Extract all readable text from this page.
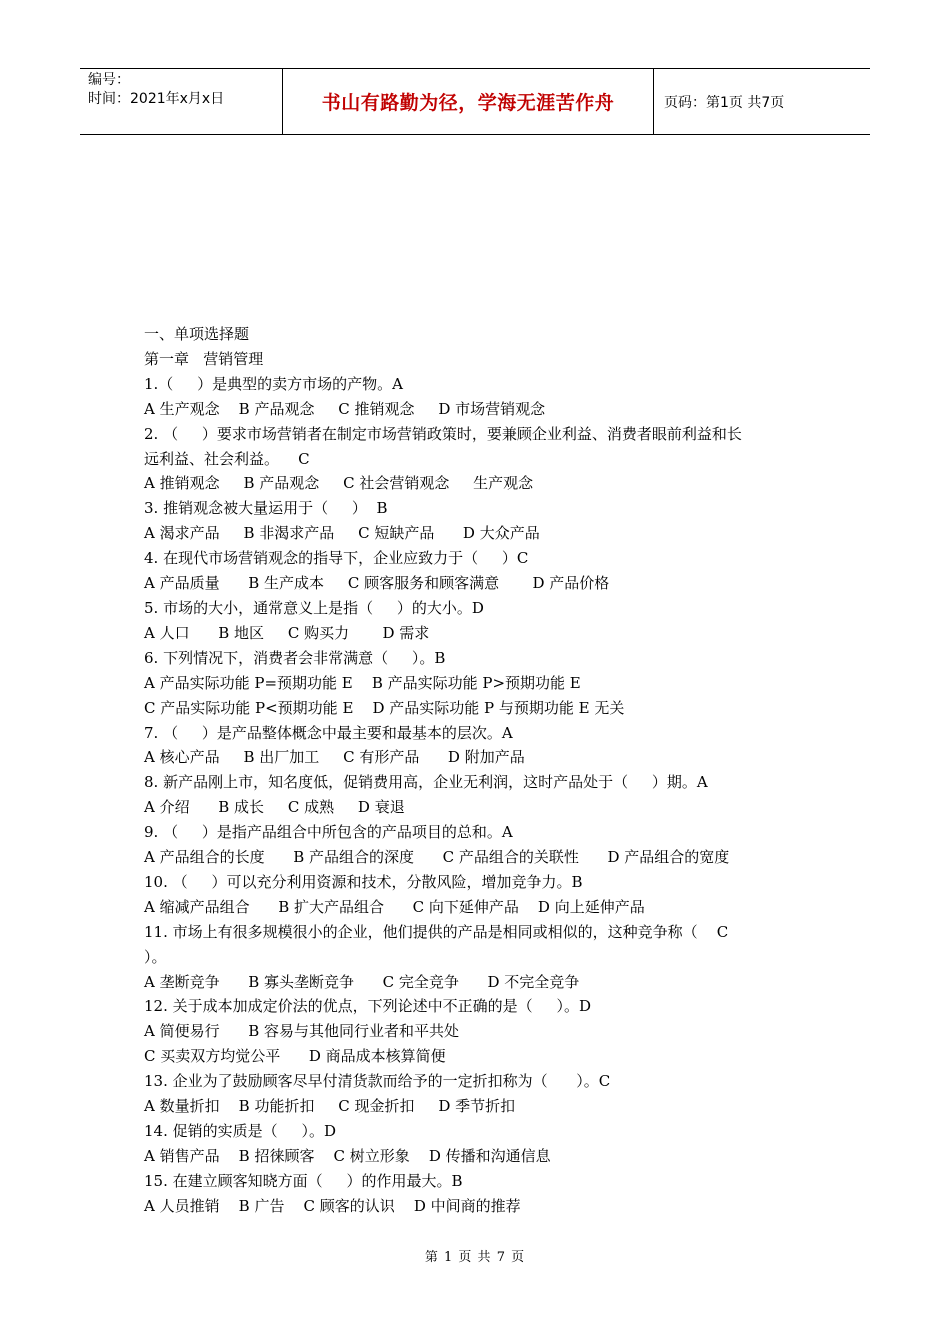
编号：
时间：2021年x月x日	书山有路勤为径，学海无涯苦作舟	页码：第1页 共7页
一、单项选择题
第一章   营销管理
1.（     ）是典型的卖方市场的产物。A
A 生产观念    B 产品观念     C 推销观念     D 市场营销观念
2. （     ）要求市场营销者在制定市场营销政策时，要兼顾企业利益、消费者眼前利益和长
远利益、社会利益。    C
A 推销观念     B 产品观念     C 社会营销观念     生产观念
3. 推销观念被大量运用于（     ）  B
A 渴求产品     B 非渴求产品     C 短缺产品      D 大众产品
4. 在现代市场营销观念的指导下，企业应致力于（     ）C
A 产品质量      B 生产成本     C 顾客服务和顾客满意       D 产品价格
5. 市场的大小，通常意义上是指（     ）的大小。D
A 人口      B 地区     C 购买力       D 需求
6. 下列情况下，消费者会非常满意（     ）。B
A 产品实际功能 P=预期功能 E    B 产品实际功能 P>预期功能 E
C 产品实际功能 P<预期功能 E    D 产品实际功能 P 与预期功能 E 无关
7. （     ）是产品整体概念中最主要和最基本的层次。A
A 核心产品     B 出厂加工     C 有形产品      D 附加产品
8. 新产品刚上市，知名度低，促销费用高，企业无利润，这时产品处于（     ）期。A
A 介绍      B 成长     C 成熟     D 衰退
9. （     ）是指产品组合中所包含的产品项目的总和。A
A 产品组合的长度      B 产品组合的深度      C 产品组合的关联性      D 产品组合的宽度
10. （     ）可以充分利用资源和技术，分散风险，增加竞争力。B
A 缩减产品组合      B 扩大产品组合      C 向下延伸产品    D 向上延伸产品
11. 市场上有很多规模很小的企业，他们提供的产品是相同或相似的，这种竞争称（    C
）。
A 垄断竞争      B 寡头垄断竞争      C 完全竞争      D 不完全竞争
12. 关于成本加成定价法的优点，下列论述中不正确的是（     ）。D
A 简便易行      B 容易与其他同行业者和平共处
C 买卖双方均觉公平      D 商品成本核算简便
13. 企业为了鼓励顾客尽早付清货款而给予的一定折扣称为（      ）。C
A 数量折扣    B 功能折扣     C 现金折扣     D 季节折扣
14. 促销的实质是（     ）。D
A 销售产品    B 招徕顾客    C 树立形象    D 传播和沟通信息
15. 在建立顾客知晓方面（     ）的作用最大。B
A 人员推销    B 广告    C 顾客的认识    D 中间商的推荐
第 1 页 共 7 页
